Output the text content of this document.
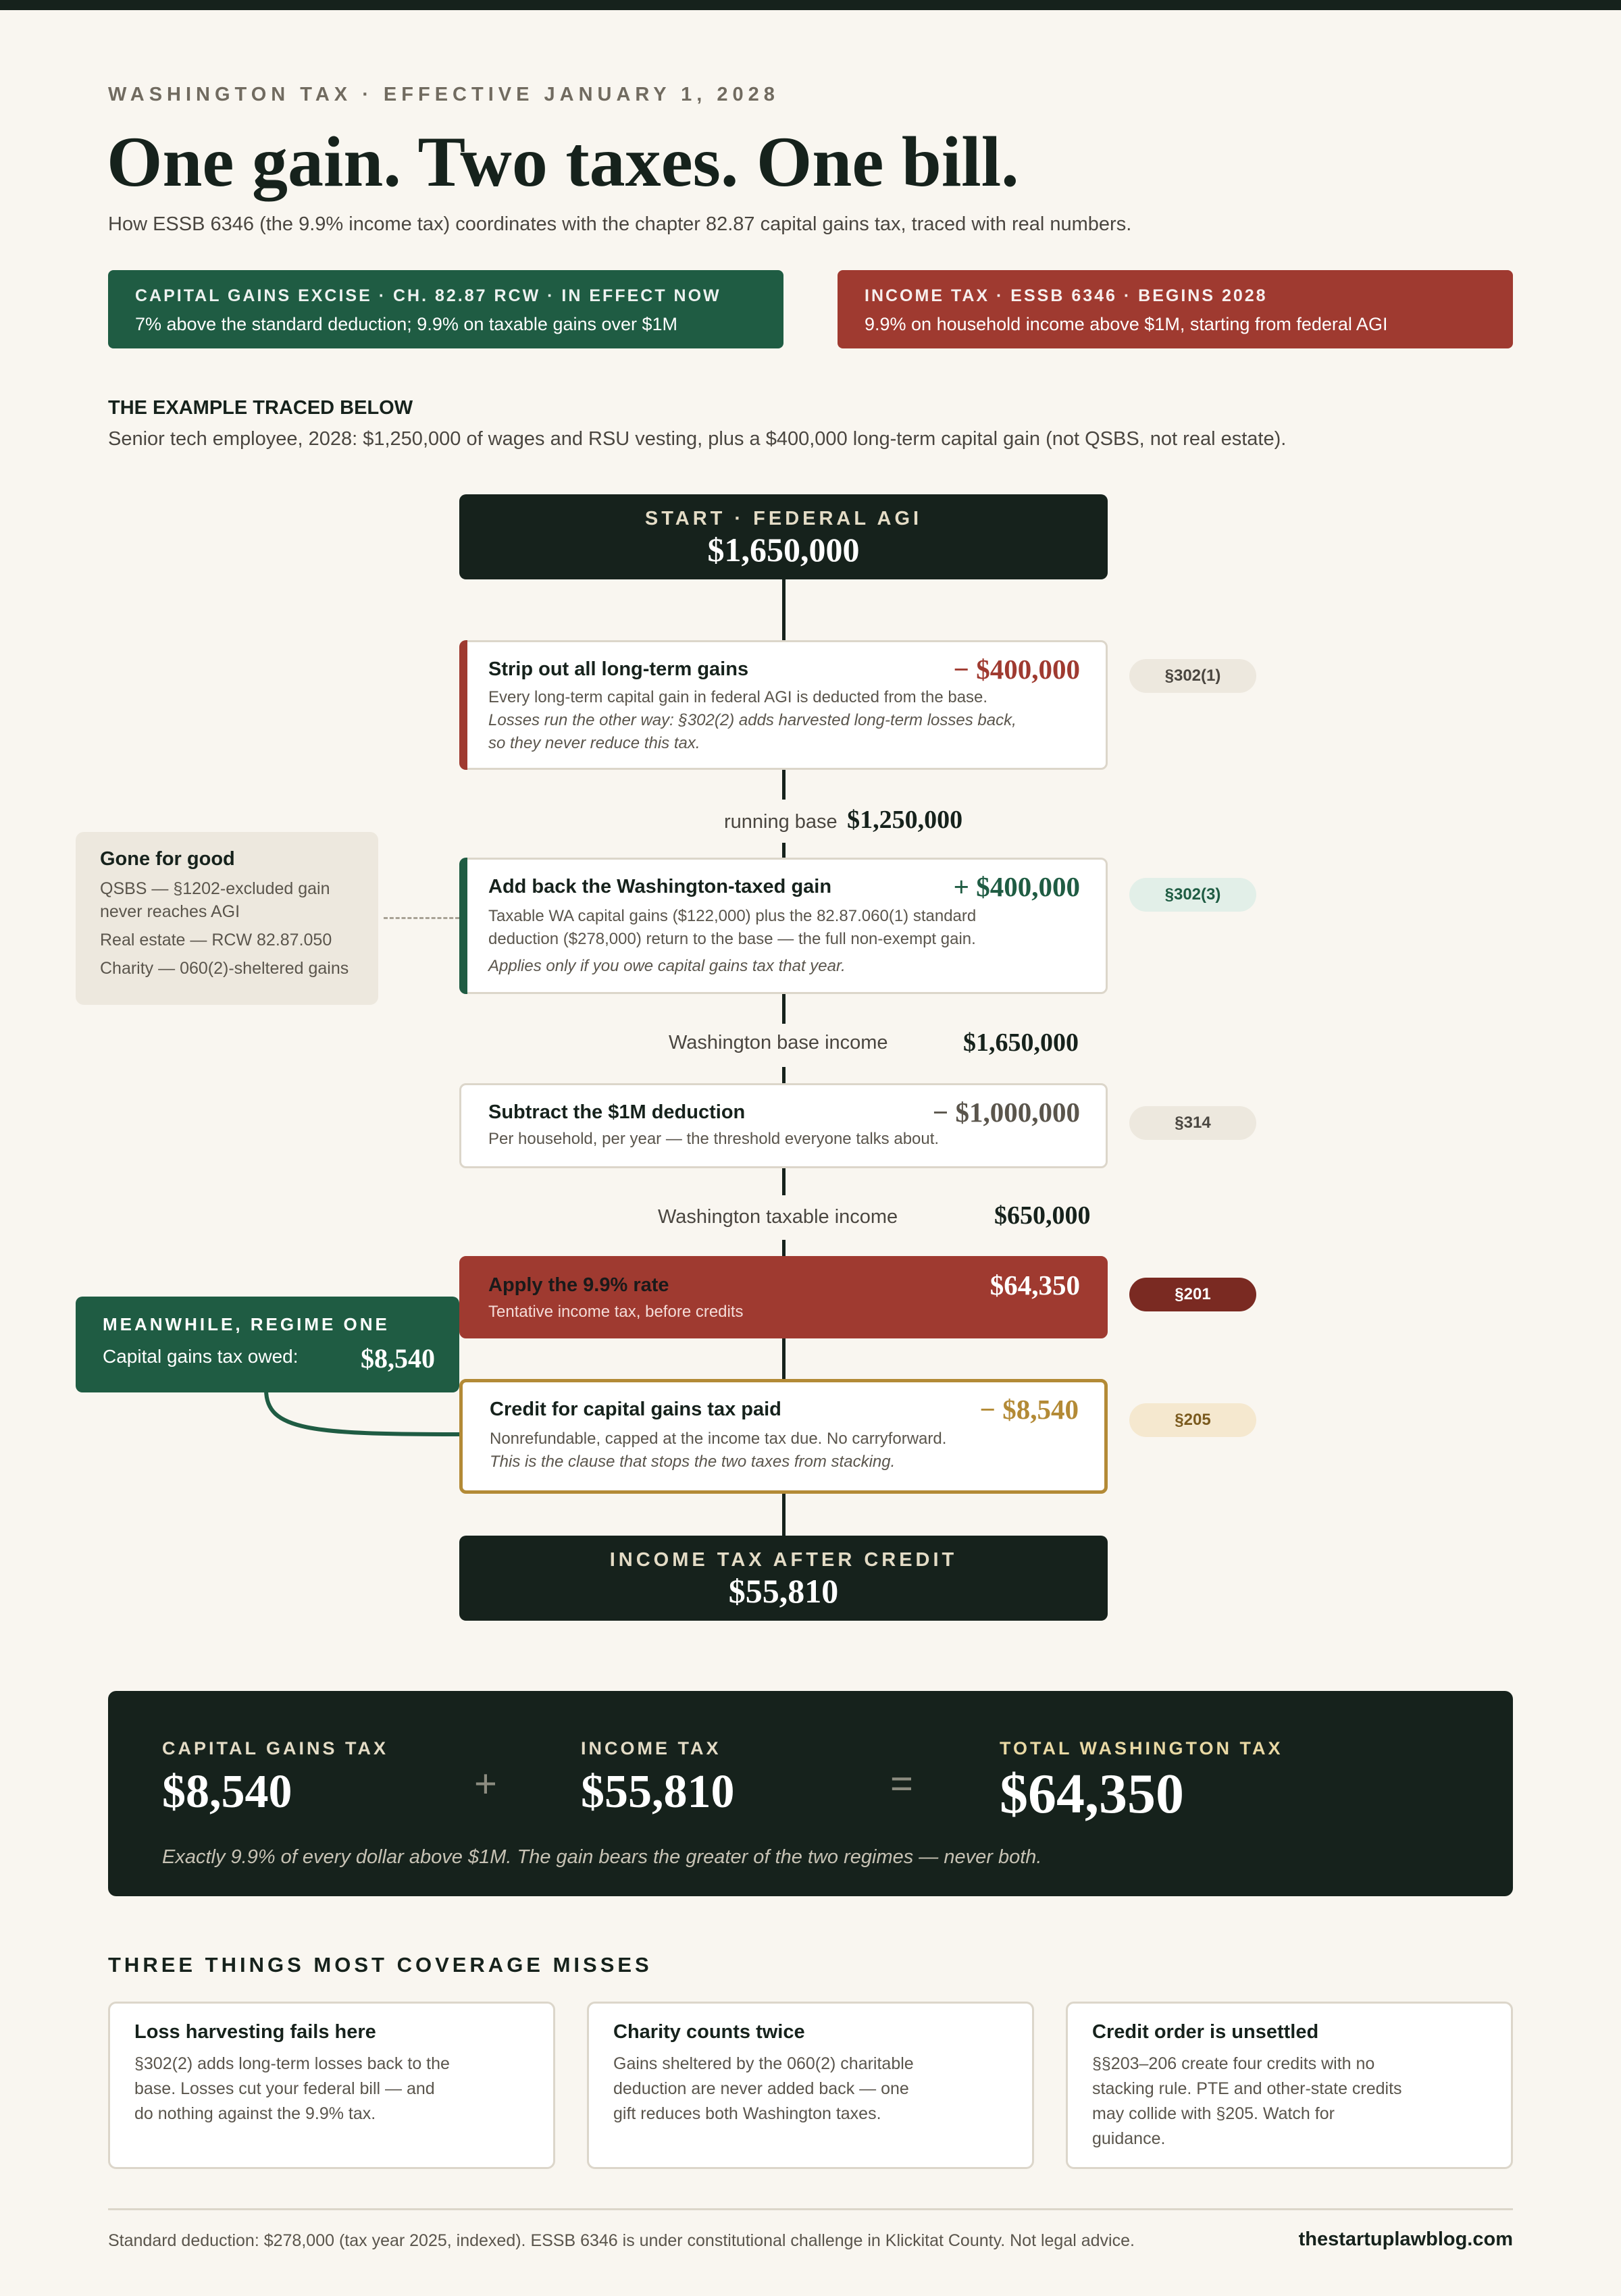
WASHINGTON TAX · EFFECTIVE JANUARY 1, 2028
One gain. Two taxes. One bill.
How ESSB 6346 (the 9.9% income tax) coordinates with the chapter 82.87 capital gains tax, traced with real numbers.
CAPITAL GAINS EXCISE · CH. 82.87 RCW · IN EFFECT NOW
7% above the standard deduction; 9.9% on taxable gains over $1M
INCOME TAX · ESSB 6346 · BEGINS 2028
9.9% on household income above $1M, starting from federal AGI
THE EXAMPLE TRACED BELOW
Senior tech employee, 2028: $1,250,000 of wages and RSU vesting, plus a $400,000 long-term capital gain (not QSBS, not real estate).
START · FEDERAL AGI
$1,650,000
Strip out all long-term gains	− $400,000
Every long-term capital gain in federal AGI is deducted from the base.
Losses run the other way: §302(2) adds harvested long-term losses back,
so they never reduce this tax.
§302(1)
running base $1,250,000
Add back the Washington-taxed gain	+ $400,000
Taxable WA capital gains ($122,000) plus the 82.87.060(1) standard
deduction ($278,000) return to the base — the full non-exempt gain.
Applies only if you owe capital gains tax that year.
§302(3)
Gone for good
QSBS — §1202-excluded gain
never reaches AGI
Real estate — RCW 82.87.050
Charity — 060(2)-sheltered gains
Washington base income	$1,650,000
Subtract the $1M deduction	− $1,000,000
Per household, per year — the threshold everyone talks about.
§314
Washington taxable income	$650,000
Apply the 9.9% rate	$64,350
Tentative income tax, before credits
§201
MEANWHILE, REGIME ONE
Capital gains tax owed:	$8,540
Credit for capital gains tax paid	− $8,540
Nonrefundable, capped at the income tax due. No carryforward.
This is the clause that stops the two taxes from stacking.
§205
INCOME TAX AFTER CREDIT
$55,810
CAPITAL GAINS TAX
$8,540	+
INCOME TAX
$55,810	=
TOTAL WASHINGTON TAX
$64,350
Exactly 9.9% of every dollar above $1M. The gain bears the greater of the two regimes — never both.
THREE THINGS MOST COVERAGE MISSES
Loss harvesting fails here
§302(2) adds long-term losses back to the base. Losses cut your federal bill — and do nothing against the 9.9% tax.
Charity counts twice
Gains sheltered by the 060(2) charitable deduction are never added back — one gift reduces both Washington taxes.
Credit order is unsettled
§§203–206 create four credits with no stacking rule. PTE and other-state credits may collide with §205. Watch for guidance.
Standard deduction: $278,000 (tax year 2025, indexed). ESSB 6346 is under constitutional challenge in Klickitat County. Not legal advice.	thestartuplawblog.com
